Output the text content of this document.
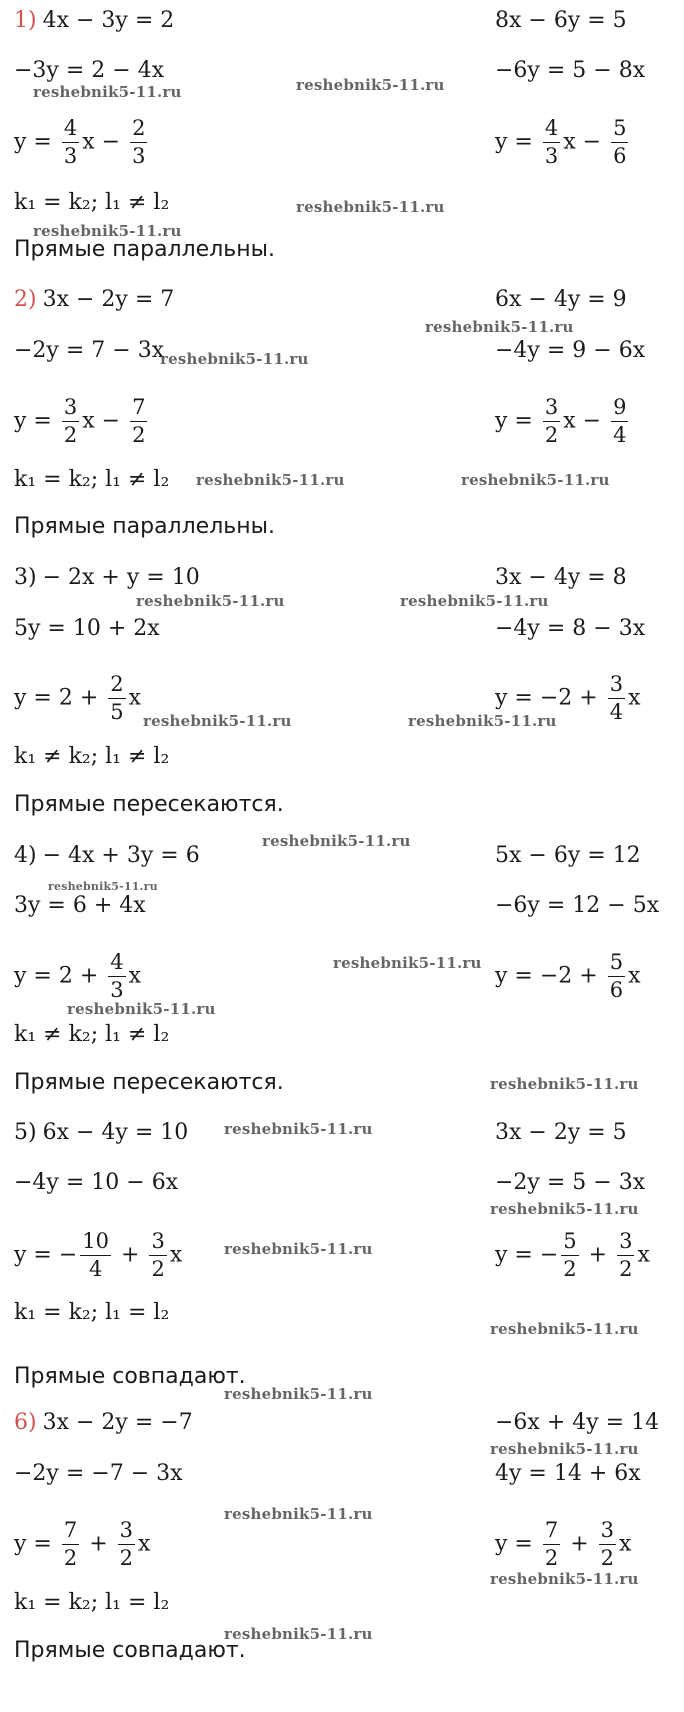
1) 4x − 3y = 2	8x − 6y = 5
−3y = 2 − 4x	−6y = 5 − 8x
$y = \frac{4}{3}$ $x - \frac{2}{3}$	$y = \frac{4}{3}$ $x - \frac{5}{6}$
k₁ = k₂; l₁ ≠ l₂
Прямые параллельны.
2) 3x − 2y = 7	6x − 4y = 9
−2y = 7 − 3x	−4y = 9 − 6x
$y = \frac{3}{2}$ $x - \frac{7}{2}$	$y = \frac{3}{2}$ $x - \frac{9}{4}$
k₁ = k₂; l₁ ≠ l₂
Прямые параллельны.
3) − 2x + y = 10	3x − 4y = 8
5y = 10 + 2x	−4y = 8 − 3x
$y = 2 + \frac{2}{5}$ x	$y = -2 + \frac{3}{4}$ x
k₁ ≠ k₂; l₁ ≠ l₂
Прямые пересекаются.
4) − 4x + 3y = 6	5x − 6y = 12
3y = 6 + 4x	−6y = 12 − 5x
$y = 2 + \frac{4}{3}$ x	$y = -2 + \frac{5}{6}$ x
k₁ ≠ k₂; l₁ ≠ l₂
Прямые пересекаются.
5) 6x − 4y = 10	3x − 2y = 5
−4y = 10 − 6x	−2y = 5 − 3x
y = − $\frac{10}{4} + \frac{3}{2}$ x	y = − $\frac{5}{2} + \frac{3}{2}$ x
k₁ = k₂; l₁ = l₂
Прямые совпадают.
6) 3x − 2y = −7	−6x + 4y = 14
−2y = −7 − 3x	4y = 14 + 6x
$y = \frac{7}{2} + \frac{3}{2}$ x	$y = \frac{7}{2} + \frac{3}{2}$ x
k₁ = k₂; l₁ = l₂
Прямые совпадают.
reshebnik5-11.ru	reshebnik5-11.ru
reshebnik5-11.ru
reshebnik5-11.ru
reshebnik5-11.ru
reshebnik5-11.ru
reshebnik5-11.ru	reshebnik5-11.ru
reshebnik5-11.ru	reshebnik5-11.ru
reshebnik5-11.ru	reshebnik5-11.ru
reshebnik5-11.ru
reshebnik5-11.ru
reshebnik5-11.ru
reshebnik5-11.ru
reshebnik5-11.ru
reshebnik5-11.ru
reshebnik5-11.ru
reshebnik5-11.ru
reshebnik5-11.ru
reshebnik5-11.ru
reshebnik5-11.ru
reshebnik5-11.ru
reshebnik5-11.ru
reshebnik5-11.ru
